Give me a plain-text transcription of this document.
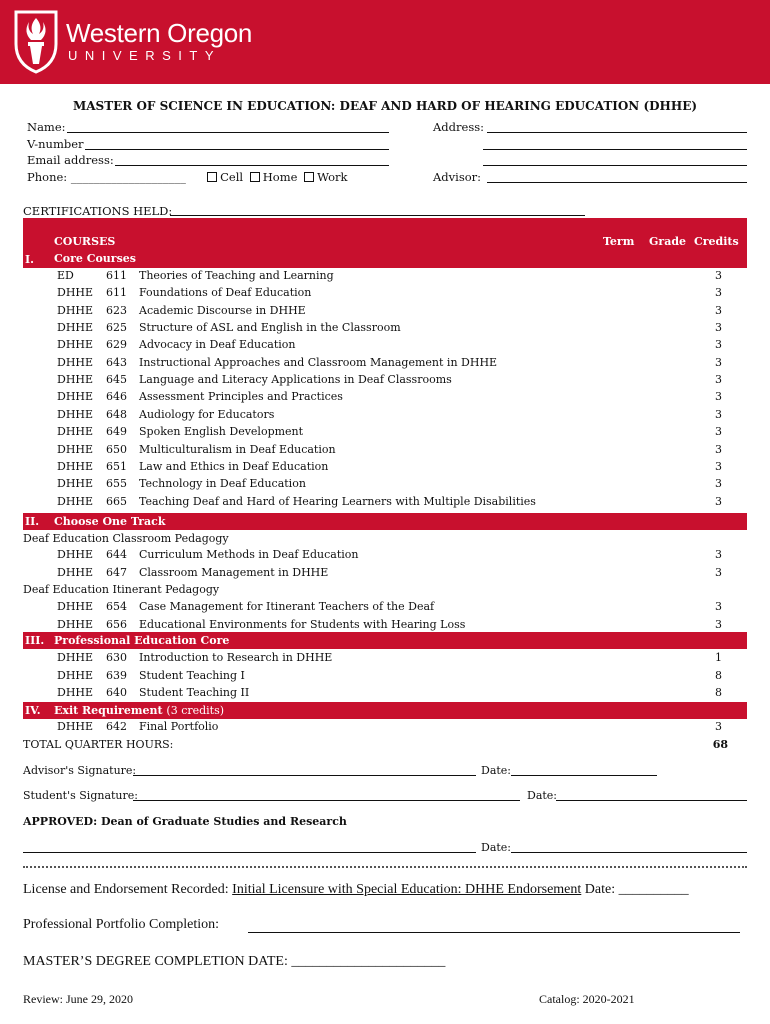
Western Oregon
UNIVERSITY
MASTER OF SCIENCE IN EDUCATION: DEAF AND HARD OF HEARING EDUCATION (DHHE)
Name:
V-number
Email address:
Phone: ____________________	Cell Home Work
Address:
Advisor:
CERTIFICATIONS HELD:
COURSES	Term Grade Credits
I. Core Courses
ED	611 Theories of Teaching and Learning	3
DHHE 611 Foundations of Deaf Education	3
DHHE 623 Academic Discourse in DHHE	3
DHHE 625 Structure of ASL and English in the Classroom	3
DHHE 629 Advocacy in Deaf Education	3
DHHE 643 Instructional Approaches and Classroom Management in DHHE	3
DHHE 645 Language and Literacy Applications in Deaf Classrooms	3
DHHE 646 Assessment Principles and Practices	3
DHHE 648 Audiology for Educators	3
DHHE 649 Spoken English Development	3
DHHE 650 Multiculturalism in Deaf Education	3
DHHE 651 Law and Ethics in Deaf Education	3
DHHE 655 Technology in Deaf Education	3
DHHE 665 Teaching Deaf and Hard of Hearing Learners with Multiple Disabilities	3
II. Choose One Track
Deaf Education Classroom Pedagogy
DHHE 644 Curriculum Methods in Deaf Education	3
DHHE 647 Classroom Management in DHHE	3
Deaf Education Itinerant Pedagogy
DHHE 654 Case Management for Itinerant Teachers of the Deaf	3
DHHE 656 Educational Environments for Students with Hearing Loss	3
III. Professional Education Core
DHHE 630 Introduction to Research in DHHE	1
DHHE 639 Student Teaching I	8
DHHE 640 Student Teaching II	8
IV. Exit Requirement (3 credits)
DHHE 642 Final Portfolio	3
TOTAL QUARTER HOURS:	68
Advisor's Signature:	Date:
Student's Signature:	Date:
APPROVED: Dean of Graduate Studies and Research
Date:
License and Endorsement Recorded: Initial Licensure with Special Education: DHHE Endorsement Date: __________
Professional Portfolio Completion:
MASTER’S DEGREE COMPLETION DATE: ______________________
Review: June 29, 2020	Catalog: 2020-2021
